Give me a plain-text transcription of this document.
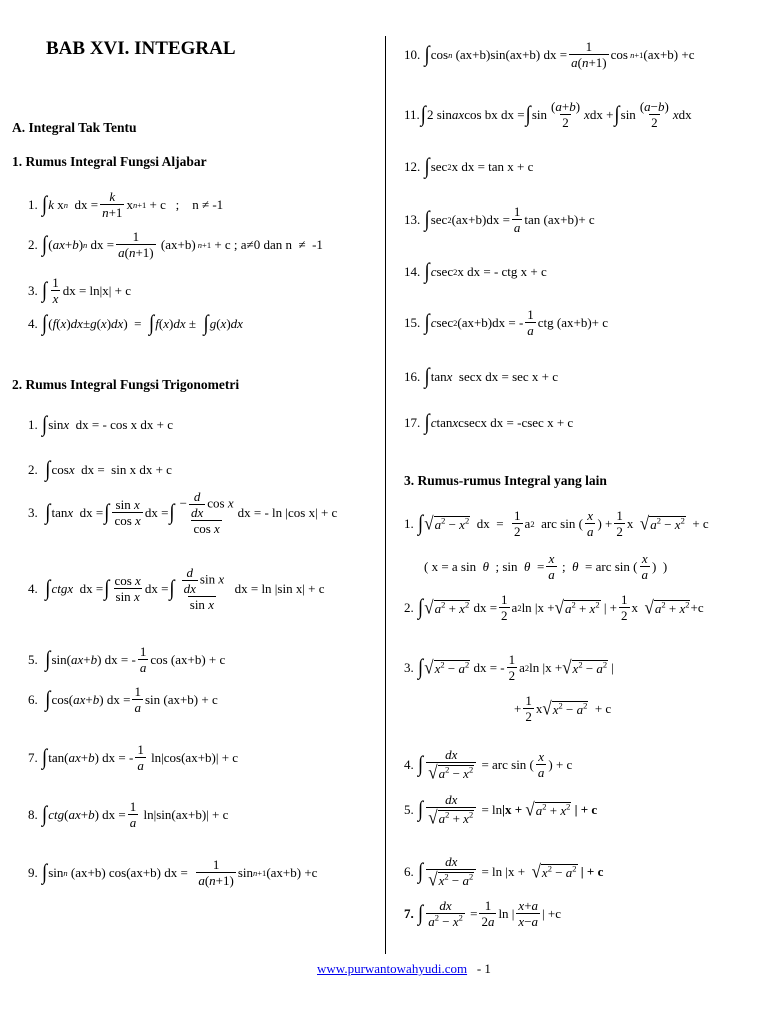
BAB XVI. INTEGRAL
A. Integral Tak Tentu
1. Rumus Integral Fungsi Aljabar
1.
∫ k x n dx = $\frac{k}{n+1}$ x n+1 + c   ;    n ≠ -1
2.
∫ ( ax + b ) n dx = $\frac{1}{a(n+1)} (ax+b) n+1 + c$ ; a≠0 dan n  ≠  -1
3.
∫ $\frac{1}{x}$ dx = ln|x| + c
4.
∫ ( f ( x ) dx ± g ( x ) dx )  = ∫ f ( x ) dx ± ∫ g ( x ) dx
2. Rumus Integral Fungsi Trigonometri
1.
∫ sin x dx = - cos x dx + c
2.
∫ cos x dx =  sin x dx + c
3.
∫ tan x dx = ∫ $\frac{\text{sin x}}{\text{cos x}}$ dx = ∫ $\frac{- \frac{d}{dx} \cos x}{\text{cos x}}$ dx = - ln |cos x| + c
4.
∫ ctgx dx = ∫ $\frac{\text{cos x}}{\text{sin x}}$ dx = ∫ $\frac{\frac{d}{dx} \sin x}{\text{sin x}}$ dx = ln |sin x| + c
5.
∫ sin( ax + b ) dx = - $\frac{1}{a}$ cos (ax+b) + c
6.
∫ cos( ax + b ) dx = $\frac{1}{a}$ sin (ax+b) + c
7.
∫ tan( ax + b ) dx = - $\frac{1}{a} \ln|\cos(ax+b)| + c$
8.
∫ ctg ( ax + b ) dx = $\frac{1}{a} \ln|\sin(ax+b)| + c$
9.
∫ sin n (ax+b) cos(ax+b) dx = $\frac{1}{a(n+1)}$ sin n+1 (ax+b) +c
10.
∫ cos n (ax+b)sin(ax+b) dx = $\frac{1}{a(n+1)}$ cos n+1 (ax+b) +c
11. ∫ 2 sin ax cos bx dx = ∫ $\sin \frac{(a+b)}{2}$ x dx + ∫ $\sin \frac{(a-b)}{2}$ x dx
12.
∫ sec 2 x dx = tan x + c
13.
∫ sec 2 $(ax+b)dx = \frac{1}{a}$ tan (ax+b)+ c
14.
∫ c sec 2 x dx = - ctg x + c
15.
∫ c sec 2 (ax+b)dx = - $\frac{1}{a}$ ctg (ax+b)+ c
16.
∫ tan x secx dx = sec x + c
17.
∫ c tan x csecx dx = -csec x + c
3. Rumus-rumus Integral yang lain
1.
∫ √ $a^2 - x^2$ dx  = $\frac{1}{2}$ a 2 arc sin ( $\frac{x}{a}$ ) + $\frac{1}{2}$ x √ $a^2 - x^2 + c$
( x = a sin θ ; $\sin \theta = \frac{x}{a}$ ; θ = arc sin ( $\frac{x}{a}$ )  )
2.
∫ √ $a^2 + x^2$ dx = $\frac{1}{2}$ a 2 ln |x + √ $a^2 + x^2$ | + $\frac{1}{2}$ x √ $a^2 + x^2 +c$
3.
∫ √ $x^2 - a^2$ dx = - $\frac{1}{2}$ a 2 ln |x + √ $x^2 - a^2$ |
+ $\frac{1}{2}$ x √ $x^2 - a^2 + c$
4.
∫ $\frac{dx}{√ a^2 - x^2}$ = arc sin ( $\frac{x}{a}$ ) + c
5.
∫ $\frac{dx}{√ a^2 + x^2} = \ln |x$ +
√ $a^2 + x^2$
| + c
6.
∫ $\frac{dx}{√ x^2 - a^2} = \ln |x$ + √ $x^2 - a^2$
| + c
7.
∫ $\frac{dx}{a^2 - x^2} = \frac{1}{2a}$ ln | $\frac{x+a}{x-a}$ | +c
www.purwantowahyudi.com - 1
